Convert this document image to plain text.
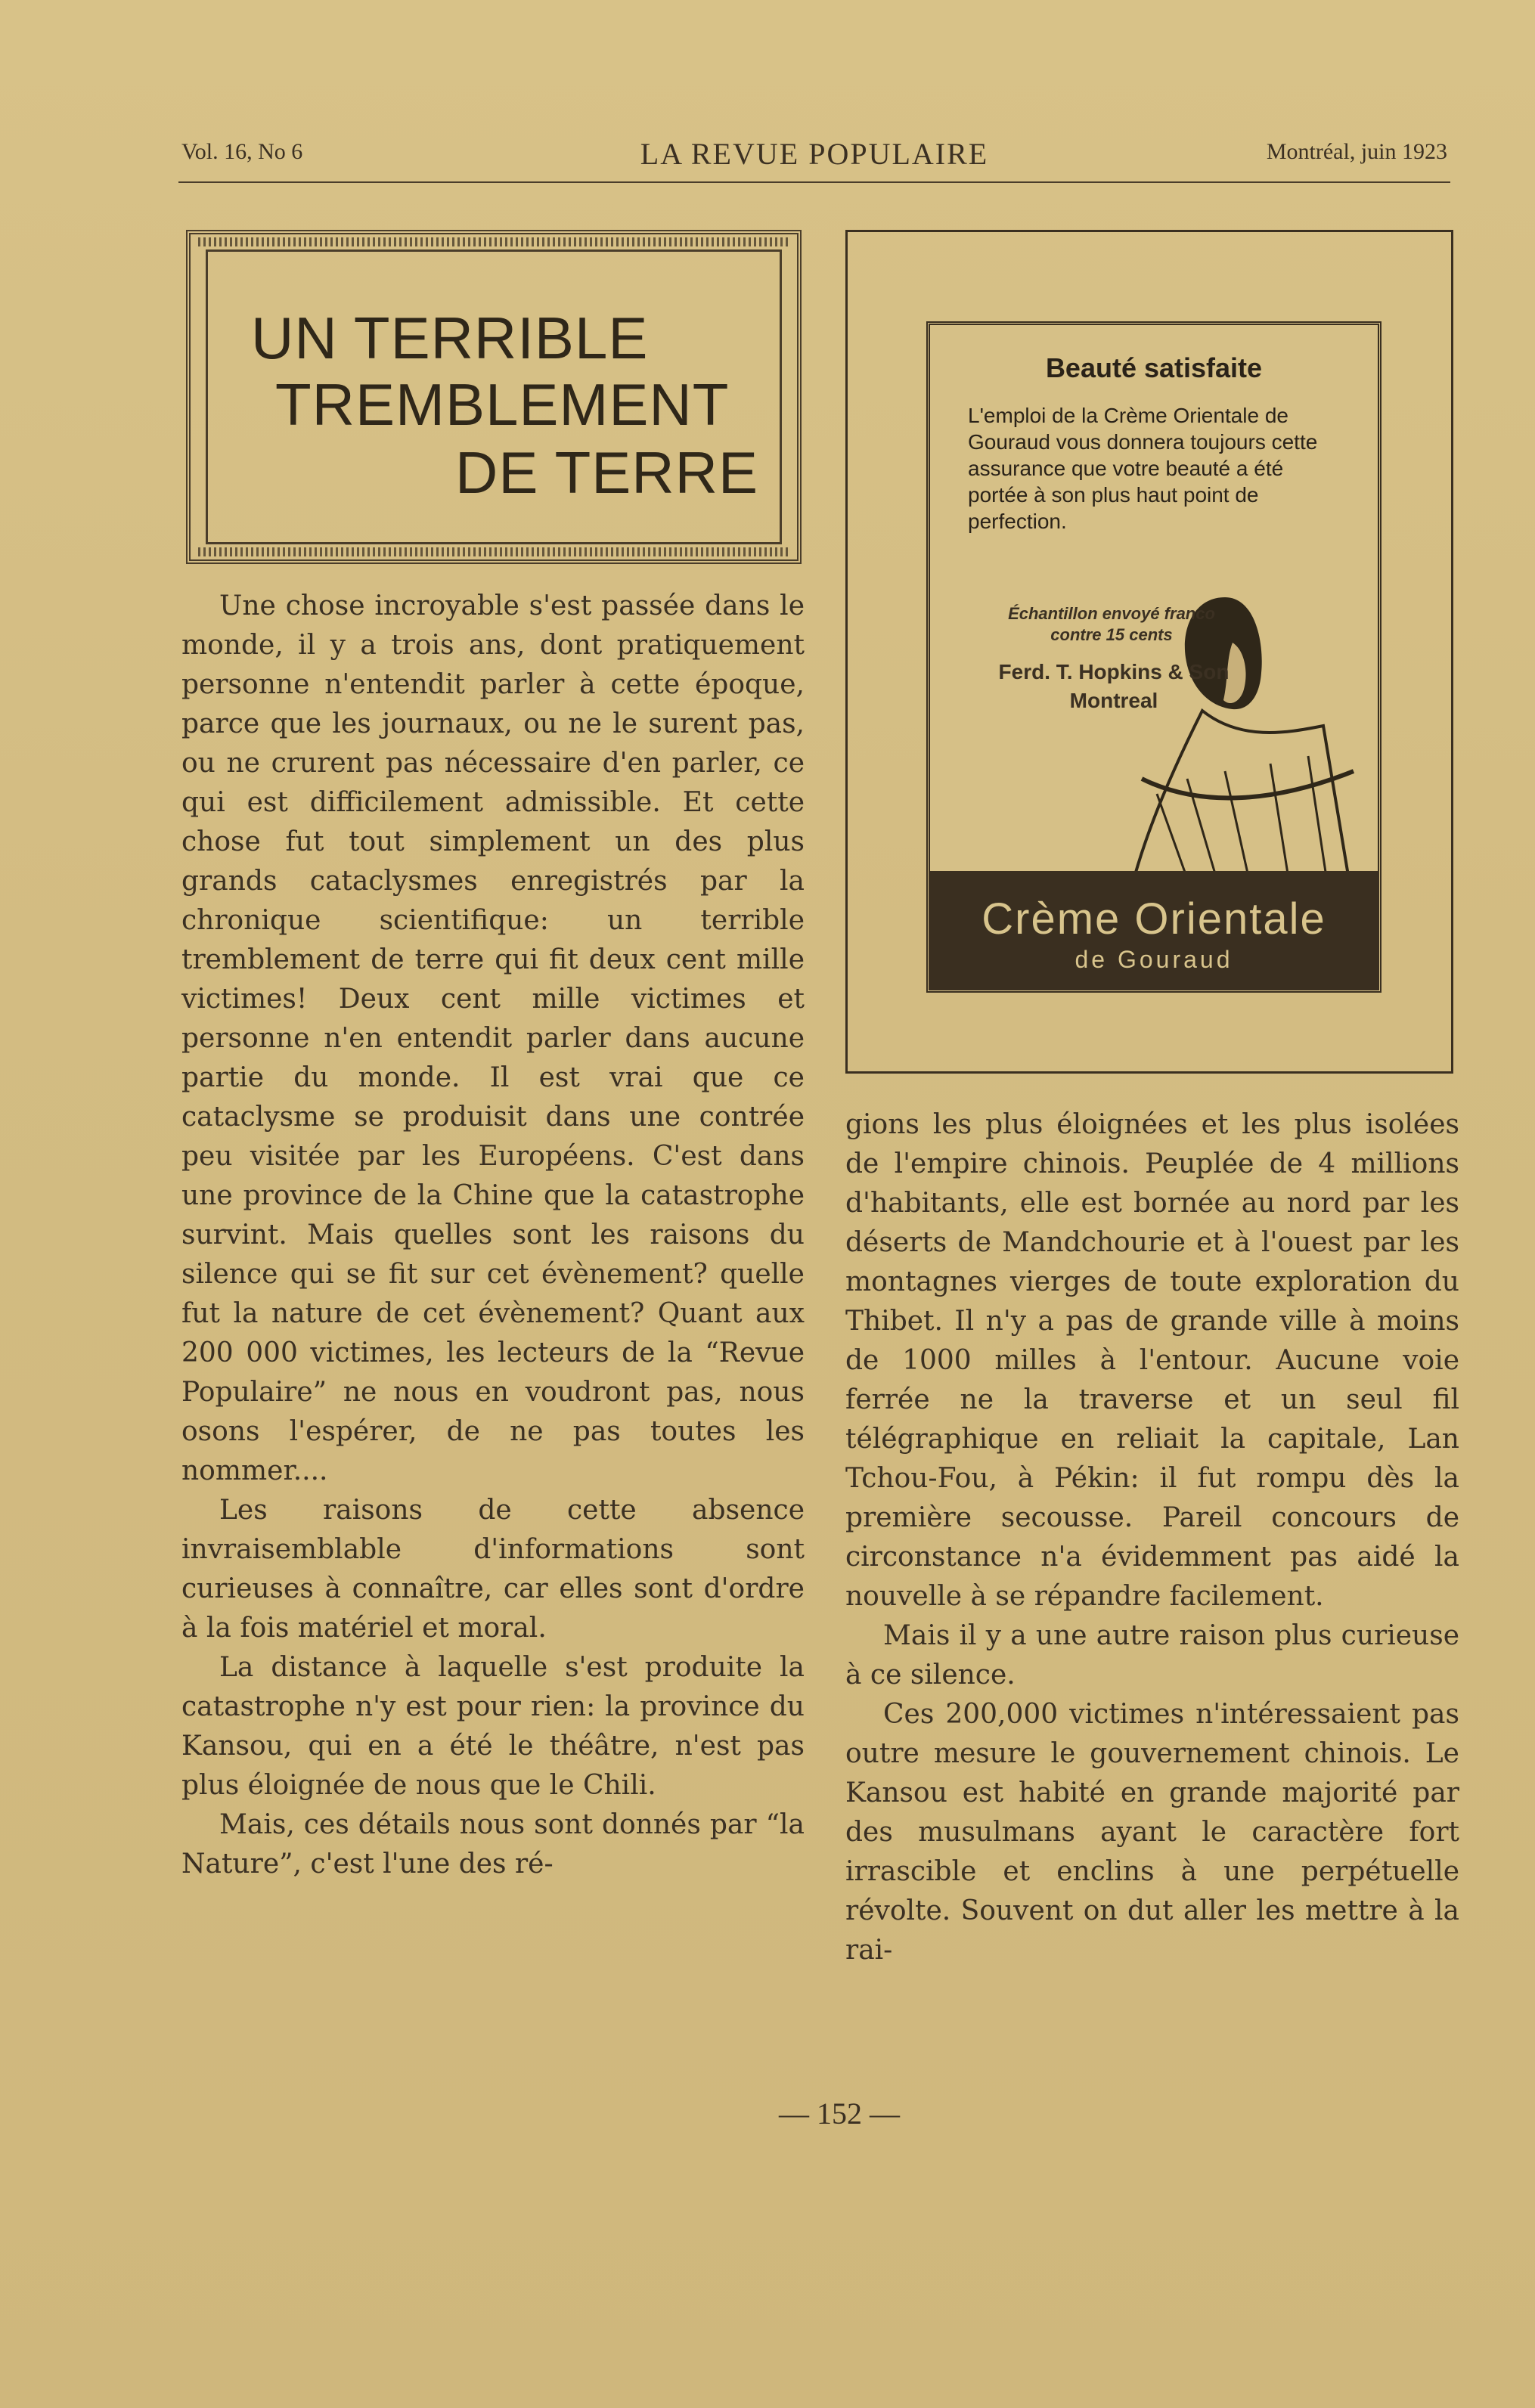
Vol. 16, No 6	LA REVUE POPULAIRE	Montréal, juin 1923
UN TERRIBLE
TREMBLEMENT
DE TERRE

Une chose incroyable s'est passée dans le monde, il y a trois ans, dont pratiquement personne n'entendit parler à cette époque, parce que les journaux, ou ne le surent pas, ou ne crurent pas nécessaire d'en parler, ce qui est difficilement admissible. Et cette chose fut tout simplement un des plus grands cataclysmes enregistrés par la chronique scientifique: un terrible tremblement de terre qui fit deux cent mille victimes! Deux cent mille victimes et personne n'en entendit parler dans aucune partie du monde. Il est vrai que ce cataclysme se produisit dans une contrée peu visitée par les Européens. C'est dans une province de la Chine que la catastrophe survint. Mais quelles sont les raisons du silence qui se fit sur cet évènement? quelle fut la nature de cet évènement? Quant aux 200 000 victimes, les lecteurs de la “Revue Populaire” ne nous en voudront pas, nous osons l'espérer, de ne pas toutes les nommer....

Les raisons de cette absence invraisemblable d'informations sont curieuses à connaître, car elles sont d'ordre à la fois matériel et moral.

La distance à laquelle s'est produite la catastrophe n'y est pour rien: la province du Kansou, qui en a été le théâtre, n'est pas plus éloignée de nous que le Chili.

Mais, ces détails nous sont donnés par “la Nature”, c'est l'une des ré-

Beauté satisfaite
L'emploi de la Crème Orientale de Gouraud vous donnera toujours cette assurance que votre beauté a été portée à son plus haut point de perfection.
Échantillon envoyé franco
contre 15 cents
Ferd. T. Hopkins & Son
Montreal
Crème Orientale
de Gouraud

gions les plus éloignées et les plus isolées de l'empire chinois. Peuplée de 4 millions d'habitants, elle est bornée au nord par les déserts de Mandchourie et à l'ouest par les montagnes vierges de toute exploration du Thibet. Il n'y a pas de grande ville à moins de 1000 milles à l'entour. Aucune voie ferrée ne la traverse et un seul fil télégraphique en reliait la capitale, Lan Tchou-Fou, à Pékin: il fut rompu dès la première secousse. Pareil concours de circonstance n'a évidemment pas aidé la nouvelle à se répandre facilement.

Mais il y a une autre raison plus curieuse à ce silence.

Ces 200,000 victimes n'intéressaient pas outre mesure le gouvernement chinois. Le Kansou est habité en grande majorité par des musulmans ayant le caractère fort irrascible et enclins à une perpétuelle révolte. Souvent on dut aller les mettre à la rai-

— 152 —
